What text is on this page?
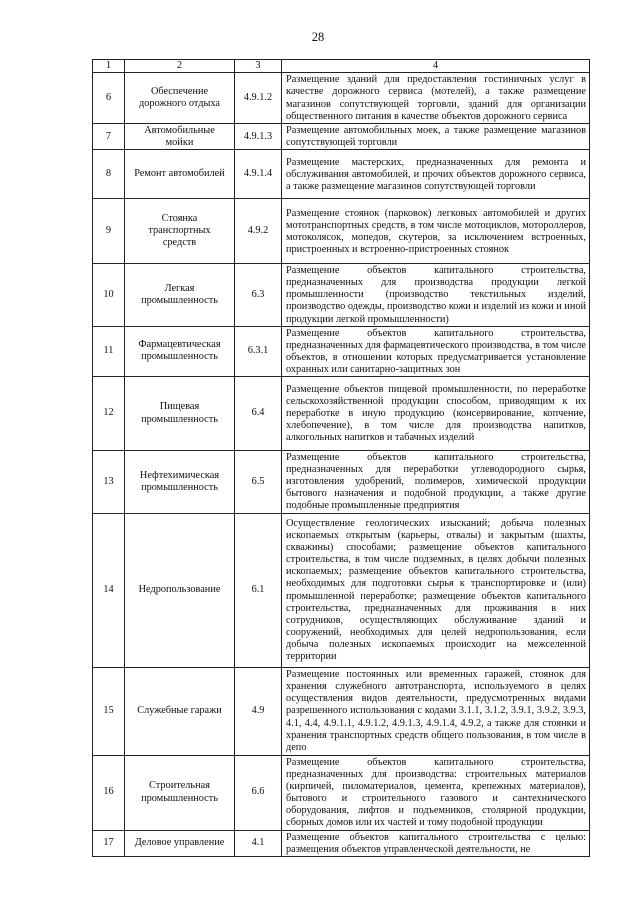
28
1	2	3	4
6	Обеспечение дорожного отдыха	4.9.1.2	Размещение зданий для предоставления гостиничных услуг в качестве дорожного сервиса (мотелей), а также размещение магазинов сопутствующей торговли, зданий для организации общественного питания в качестве объектов дорожного сервиса
7	Автомобильные мойки	4.9.1.3	Размещение автомобильных моек, а также размещение магазинов сопутствующей торговли
8	Ремонт автомобилей	4.9.1.4	Размещение мастерских, предназначенных для ремонта и обслуживания автомобилей, и прочих объектов дорожного сервиса, а также размещение магазинов сопутствующей торговли
9	Стоянка транспортных средств	4.9.2	Размещение стоянок (парковок) легковых автомобилей и других мототранспортных средств, в том числе мотоциклов, мотороллеров, мотоколясок, мопедов, скутеров, за исключением встроенных, пристроенных и встроенно-пристроенных стоянок
10	Легкая промышленность	6.3	Размещение объектов капитального строительства, предназначенных для производства продукции легкой промышленности (производство текстильных изделий, производство одежды, производство кожи и изделий из кожи и иной продукции легкой промышленности)
11	Фармацевтическая промышленность	6.3.1	Размещение объектов капитального строительства, предназначенных для фармацевтического производства, в том числе объектов, в отношении которых предусматривается установление охранных или санитарно-защитных зон
12	Пищевая промышленность	6.4	Размещение объектов пищевой промышленности, по переработке сельскохозяйственной продукции способом, приводящим к их переработке в иную продукцию (консервирование, копчение, хлебопечение), в том числе для производства напитков, алкогольных напитков и табачных изделий
13	Нефтехимическая промышленность	6.5	Размещение объектов капитального строительства, предназначенных для переработки углеводородного сырья, изготовления удобрений, полимеров, химической продукции бытового назначения и подобной продукции, а также другие подобные промышленные предприятия
14	Недропользование	6.1	Осуществление геологических изысканий; добыча полезных ископаемых открытым (карьеры, отвалы) и закрытым (шахты, скважины) способами; размещение объектов капитального строительства, в том числе подземных, в целях добычи полезных ископаемых; размещение объектов капитального строительства, необходимых для подготовки сырья к транспортировке и (или) промышленной переработке; размещение объектов капитального строительства, предназначенных для проживания в них сотрудников, осуществляющих обслуживание зданий и сооружений, необходимых для целей недропользования, если добыча полезных ископаемых происходит на межселенной территории
15	Служебные гаражи	4.9	Размещение постоянных или временных гаражей, стоянок для хранения служебного автотранспорта, используемого в целях осуществления видов деятельности, предусмотренных видами разрешенного использования с кодами 3.1.1, 3.1.2, 3.9.1, 3.9.2, 3.9.3, 4.1, 4.4, 4.9.1.1, 4.9.1.2, 4.9.1.3, 4.9.1.4, 4.9.2, а также для стоянки и хранения транспортных средств общего пользования, в том числе в депо
16	Строительная промышленность	6.6	Размещение объектов капитального строительства, предназначенных для производства: строительных материалов (кирпичей, пиломатериалов, цемента, крепежных материалов), бытового и строительного газового и сантехнического оборудования, лифтов и подъемников, столярной продукции, сборных домов или их частей и тому подобной продукции
17	Деловое управление	4.1	Размещение объектов капитального строительства с целью: размещения объектов управленческой деятельности, не
